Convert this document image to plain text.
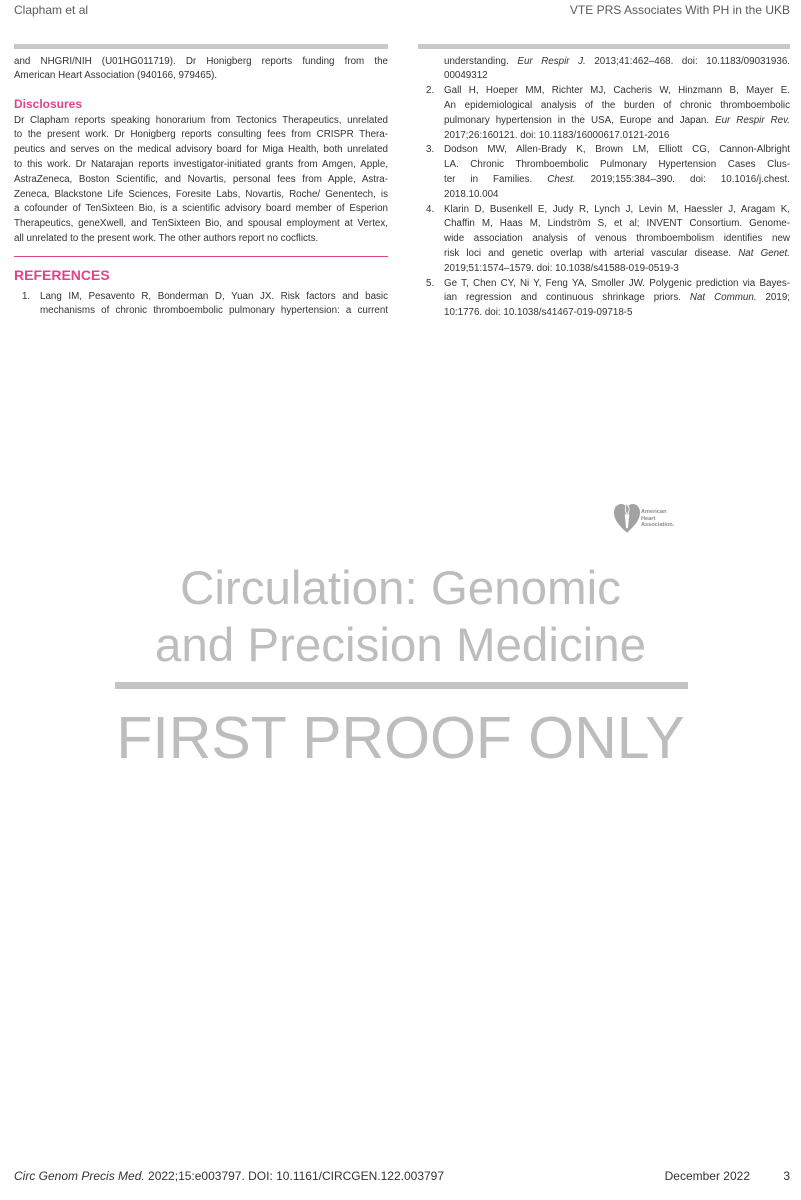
Clapham et al	VTE PRS Associates With PH in the UKB
and NHGRI/NIH (U01HG011719). Dr Honigberg reports funding from the
American Heart Association (940166, 979465).
Disclosures
Dr Clapham reports speaking honorarium from Tectonics Therapeutics, unrelated
to the present work. Dr Honigberg reports consulting fees from CRISPR Thera-
peutics and serves on the medical advisory board for Miga Health, both unrelated
to this work. Dr Natarajan reports investigator-initiated grants from Amgen, Apple,
AstraZeneca, Boston Scientific, and Novartis, personal fees from Apple, Astra-
Zeneca, Blackstone Life Sciences, Foresite Labs, Novartis, Roche/ Genentech, is
a cofounder of TenSixteen Bio, is a scientific advisory board member of Esperion
Therapeutics, geneXwell, and TenSixteen Bio, and spousal employment at Vertex,
all unrelated to the present work. The other authors report no cocflicts.
REFERENCES
1. Lang IM, Pesavento R, Bonderman D, Yuan JX. Risk factors and basic
mechanisms of chronic thromboembolic pulmonary hypertension: a current
understanding. Eur Respir J. 2013;41:462–468. doi: 10.1183/09031936.
00049312
2. Gall H, Hoeper MM, Richter MJ, Cacheris W, Hinzmann B, Mayer E.
An epidemiological analysis of the burden of chronic thromboembolic
pulmonary hypertension in the USA, Europe and Japan. Eur Respir Rev.
2017;26:160121. doi: 10.1183/16000617.0121-2016
3. Dodson MW, Allen-Brady K, Brown LM, Elliott CG, Cannon-Albright
LA. Chronic Thromboembolic Pulmonary Hypertension Cases Clus-
ter in Families. Chest. 2019;155:384–390. doi: 10.1016/j.chest.
2018.10.004
4. Klarin D, Busenkell E, Judy R, Lynch J, Levin M, Haessler J, Aragam K,
Chaffin M, Haas M, Lindström S, et al; INVENT Consortium. Genome-
wide association analysis of venous thromboembolism identifies new
risk loci and genetic overlap with arterial vascular disease. Nat Genet.
2019;51:1574–1579. doi: 10.1038/s41588-019-0519-3
5. Ge T, Chen CY, Ni Y, Feng YA, Smoller JW. Polygenic prediction via Bayes-
ian regression and continuous shrinkage priors. Nat Commun. 2019;
10:1776. doi: 10.1038/s41467-019-09718-5
American
Heart
Association.
Circulation: Genomic
and Precision Medicine
FIRST PROOF ONLY
Circ Genom Precis Med. 2022;15:e003797. DOI: 10.1161/CIRCGEN.122.003797	December 2022	3
